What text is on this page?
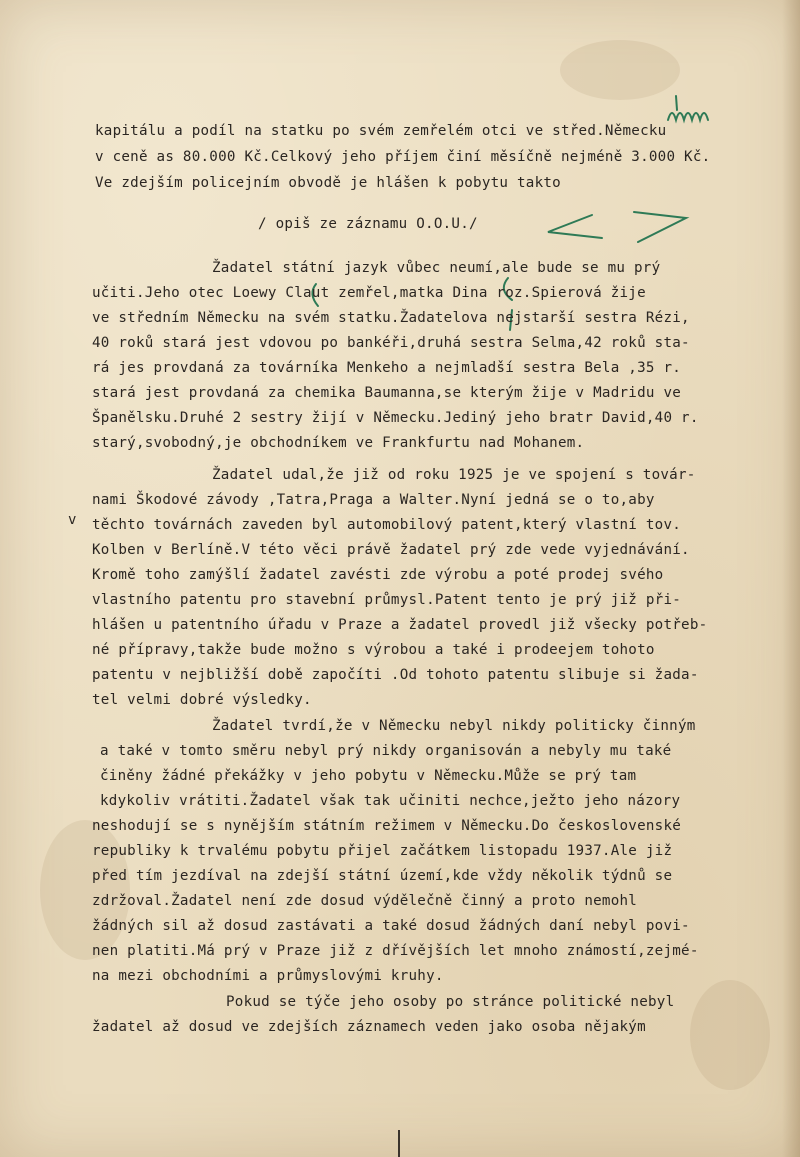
kapitálu a podíl na statku po svém zemřelém otci ve střed.Německu
v ceně as 80.000 Kč.Celkový jeho příjem činí měsíčně nejméně 3.000 Kč.
Ve zdejším policejním obvodě je hlášen k pobytu takto
/ opiš ze záznamu O.O.U./
Žadatel státní jazyk vůbec neumí,ale bude se mu prý
učiti.Jeho otec Loewy Claut zemřel,matka Dina roz.Spierová žije
ve středním Německu na svém statku.Žadatelova nejstarší sestra Rézi,
40 roků stará jest vdovou po bankéři,druhá sestra Selma,42 roků sta-
rá jes provdaná za továrníka Menkeho a nejmladší sestra Bela ,35 r.
stará jest provdaná za chemika Baumanna,se kterým žije v Madridu ve
Španělsku.Druhé 2 sestry žijí v Německu.Jediný jeho bratr David,40 r.
starý,svobodný,je obchodníkem ve Frankfurtu nad Mohanem.
Žadatel udal,že již od roku 1925 je ve spojení s továr-
nami Škodové závody ,Tatra,Praga a Walter.Nyní jedná se o to,aby
v těchto továrnách zaveden byl automobilový patent,který vlastní tov.
Kolben v Berlíně.V této věci právě žadatel prý zde vede vyjednávání.
Kromě toho zamýšlí žadatel zavésti zde výrobu a poté prodej svého
vlastního patentu pro stavební průmysl.Patent tento je prý již při-
hlášen u patentního úřadu v Praze a žadatel provedl již všecky potřeb-
né přípravy,takže bude možno s výrobou a také i prodeejem tohoto
patentu v nejbližší době započíti .Od tohoto patentu slibuje si žada-
tel velmi dobré výsledky.
Žadatel tvrdí,že v Německu nebyl nikdy politicky činným
a také v tomto směru nebyl prý nikdy organisován a nebyly mu také
činěny žádné překážky v jeho pobytu v Německu.Může se prý tam
kdykoliv vrátiti.Žadatel však tak učiniti nechce,ježto jeho názory
neshodují se s nynějším státním režimem v Německu.Do československé
republiky k trvalému pobytu přijel začátkem listopadu 1937.Ale již
před tím jezdíval na zdejší státní území,kde vždy několik týdnů se
zdržoval.Žadatel není zde dosud výdělečně činný a proto nemohl
žádných sil až dosud zastávati a také dosud žádných daní nebyl povi-
nen platiti.Má prý v Praze již z dřívějších let mnoho známostí,zejmé-
na mezi obchodními a průmyslovými kruhy.
Pokud se týče jeho osoby po stránce politické nebyl
žadatel až dosud ve zdejších záznamech veden jako osoba nějakým
